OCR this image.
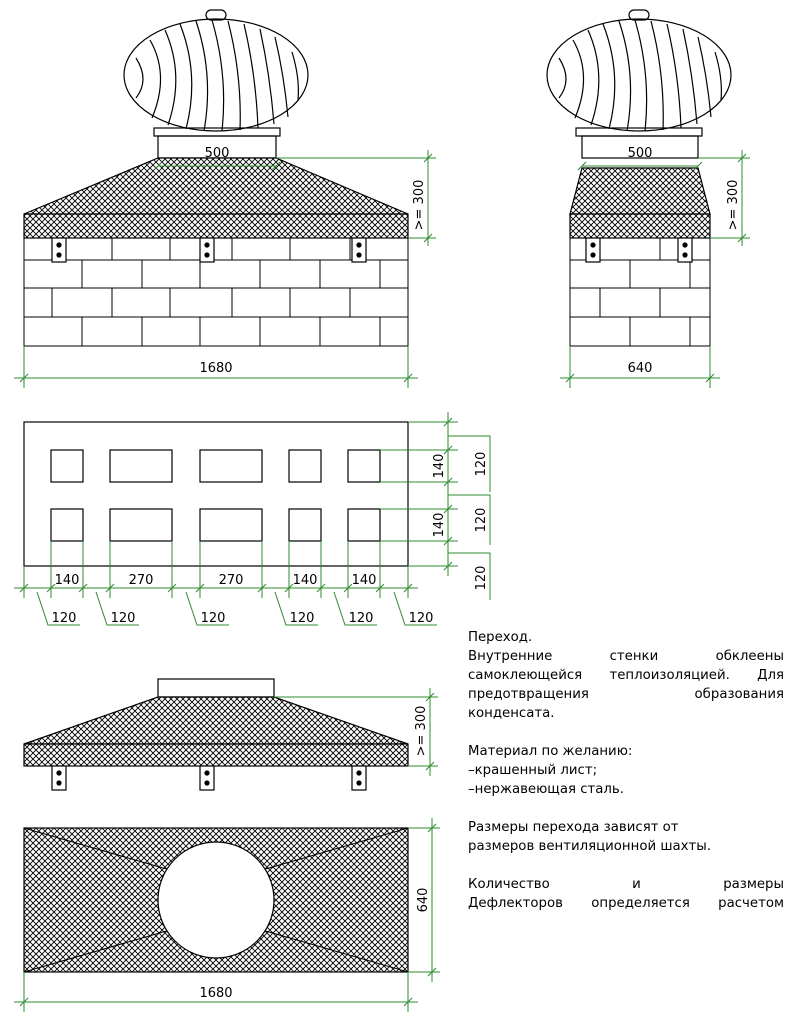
500
>= 300
1680
500
>= 300
640
140	270	270	140	140
120	120	120	120	120	120
140
140
120
120
120
>= 300
640
1680

Переход.
Внутренние стенки обклеены
самоклеющейся теплоизоляцией. Для
предотвращения образования
конденсата.

Материал по желанию:
–крашенный лист;
–нержавеющая сталь.

Размеры перехода зависят от
размеров вентиляционной шахты.

Количество и размеры
Дефлекторов определяется расчетом
